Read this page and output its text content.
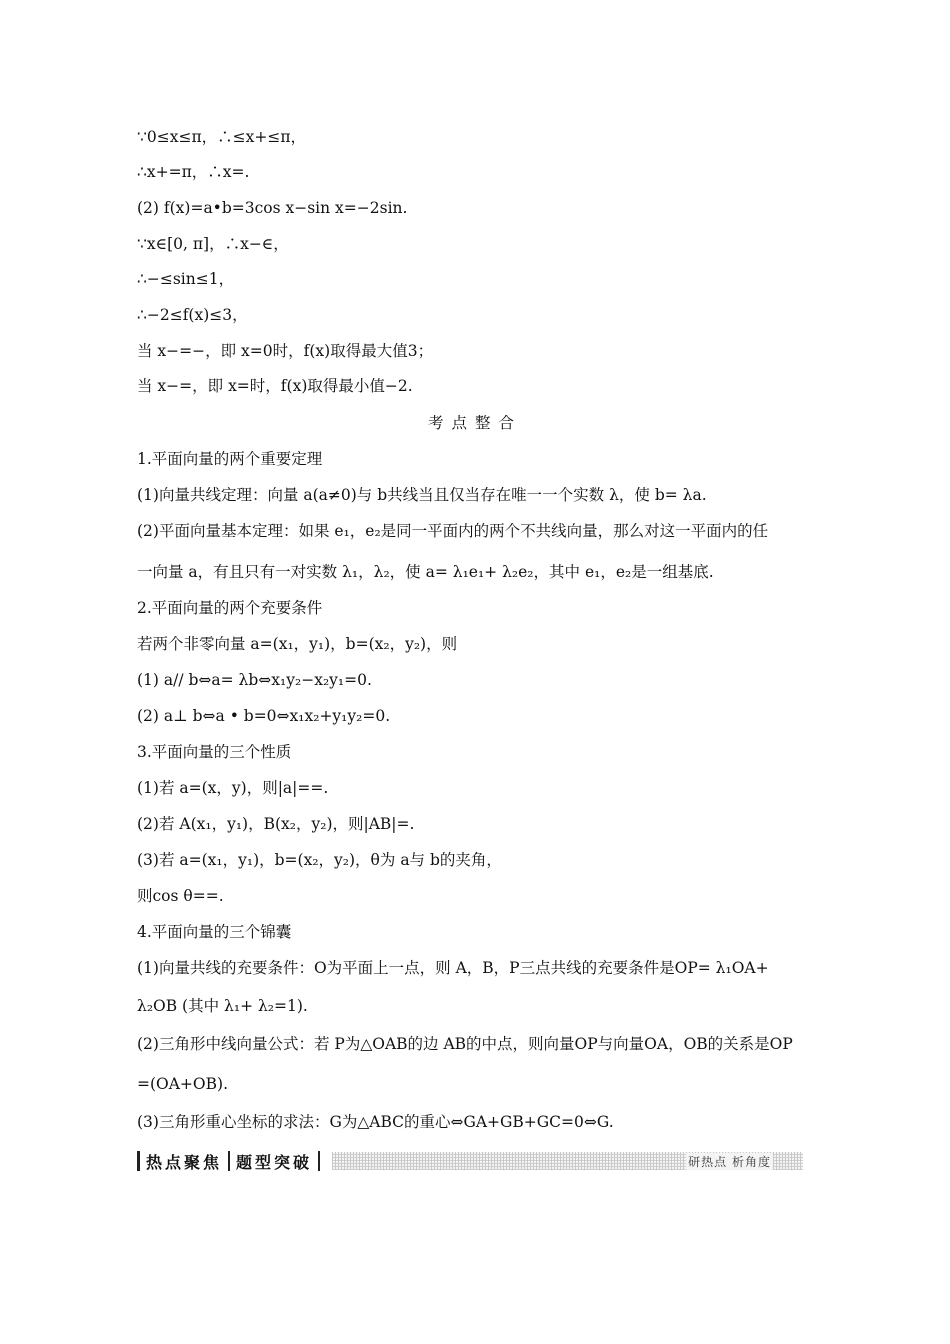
∵0≤x≤π，∴≤x+≤π，
∴x+=π，∴x=.
(2) f(x)=a•b=3cos x−sin x=−2sin.
∵x∈[0, π]，∴x−∈，
∴−≤sin≤1，
∴−2≤f(x)≤3，
当 x−=−，即 x=0时，f(x)取得最大值3；
当 x−=，即 x=时，f(x)取得最小值−2.
考点整合
1.平面向量的两个重要定理
(1)向量共线定理：向量 a(a≠0)与 b共线当且仅当存在唯一一个实数 λ，使 b= λa.
(2)平面向量基本定理：如果 e₁，e₂是同一平面内的两个不共线向量，那么对这一平面内的任
一向量 a，有且只有一对实数 λ₁，λ₂，使 a= λ₁e₁+ λ₂e₂，其中 e₁，e₂是一组基底.
2.平面向量的两个充要条件
若两个非零向量 a=(x₁，y₁)，b=(x₂，y₂)，则
(1) a// b⇔a= λb⇔x₁y₂−x₂y₁=0.
(2) a⊥ b⇔a • b=0⇔x₁x₂+y₁y₂=0.
3.平面向量的三个性质
(1)若 a=(x，y)，则|a|==.
(2)若 A(x₁，y₁)，B(x₂，y₂)，则|AB|=.
(3)若 a=(x₁，y₁)，b=(x₂，y₂)，θ为 a与 b的夹角，
则cos θ==.
4.平面向量的三个锦囊
(1)向量共线的充要条件：O为平面上一点，则 A，B，P三点共线的充要条件是OP= λ₁OA+
λ₂OB (其中 λ₁+ λ₂=1).
(2)三角形中线向量公式：若 P为△OAB的边 AB的中点，则向量OP与向量OA，OB的关系是OP
=(OA+OB).
(3)三角形重心坐标的求法：G为△ABC的重心⇔GA+GB+GC=0⇔G.
热点聚焦 题型突破	研热点 析角度
